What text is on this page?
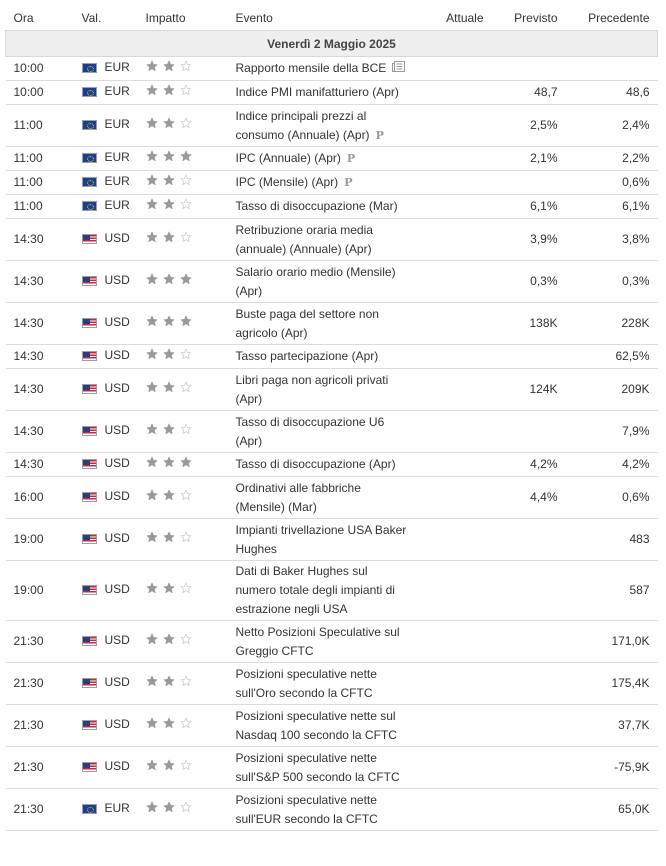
Ora	Val.	Impatto	Evento	Attuale	Previsto	Precedente
Venerdì 2 Maggio 2025						
10:00	EUR		Rapporto mensile della BCE			
10:00	EUR		Indice PMI manifatturiero (Apr)		48,7	48,6
11:00	EUR		Indice principali prezzi al consumo (Annuale) (Apr) P		2,5%	2,4%
11:00	EUR		IPC (Annuale) (Apr) P		2,1%	2,2%
11:00	EUR		IPC (Mensile) (Apr) P			0,6%
11:00	EUR		Tasso di disoccupazione (Mar)		6,1%	6,1%
14:30	USD		Retribuzione oraria media (annuale) (Annuale) (Apr)		3,9%	3,8%
14:30	USD		Salario orario medio (Mensile) (Apr)		0,3%	0,3%
14:30	USD		Buste paga del settore non agricolo (Apr)		138K	228K
14:30	USD		Tasso partecipazione (Apr)			62,5%
14:30	USD		Libri paga non agricoli privati (Apr)		124K	209K
14:30	USD		Tasso di disoccupazione U6 (Apr)			7,9%
14:30	USD		Tasso di disoccupazione (Apr)		4,2%	4,2%
16:00	USD		Ordinativi alle fabbriche (Mensile) (Mar)		4,4%	0,6%
19:00	USD		Impianti trivellazione USA Baker Hughes			483
19:00	USD		Dati di Baker Hughes sul numero totale degli impianti di estrazione negli USA			587
21:30	USD		Netto Posizioni Speculative sul Greggio CFTC			171,0K
21:30	USD		Posizioni speculative nette sull'Oro secondo la CFTC			175,4K
21:30	USD		Posizioni speculative nette sul Nasdaq 100 secondo la CFTC			37,7K
21:30	USD		Posizioni speculative nette sull'S&P 500 secondo la CFTC			-75,9K
21:30	EUR		Posizioni speculative nette sull'EUR secondo la CFTC			65,0K
